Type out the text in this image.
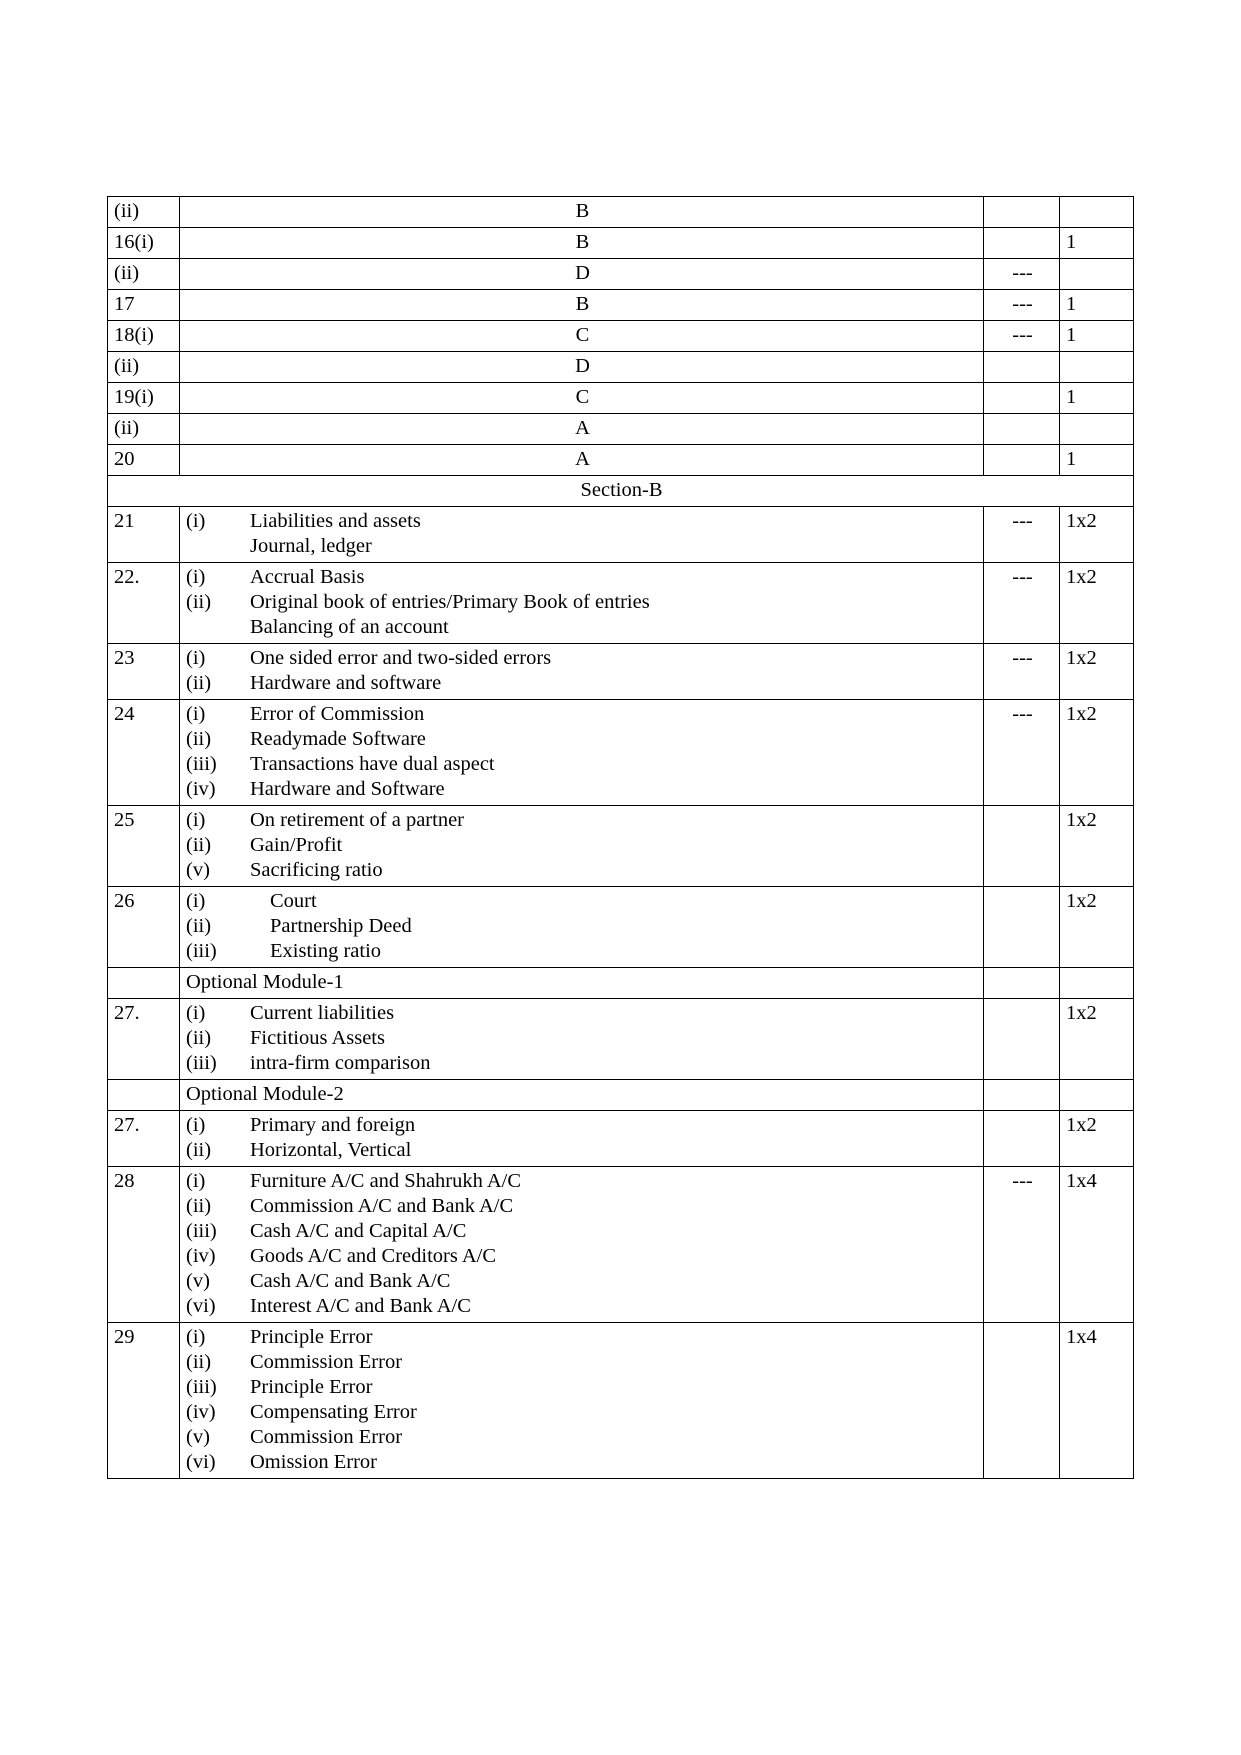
(ii)	B		
16(i)	B		1
(ii)	D	---	
17	B	---	1
18(i)	C	---	1
(ii)	D		
19(i)	C		1
(ii)	A		
20	A		1
Section-B			
21	(i) Liabilities and assets
Journal, ledger	---	1x2
22.	(i) Accrual Basis
(ii) Original book of entries/Primary Book of entries
Balancing of an account	---	1x2
23	(i) One sided error and two-sided errors
(ii) Hardware and software	---	1x2
24	(i)	Error of Commission
(ii)	Readymade Software
(iii)	Transactions have dual aspect
(iv)	Hardware and Software
	---	1x2
25	(i)	On retirement of a partner
(ii)	Gain/Profit
(v)	Sacrificing ratio
		1x2
26	(i)	Court
(ii)	Partnership Deed
(iii)	Existing ratio
		1x2
	Optional Module-1		
27.	(i)	Current liabilities
(ii)	Fictitious Assets
(iii)	intra-firm comparison
		1x2
	Optional Module-2		
27.	(i) Primary and foreign
(ii) Horizontal, Vertical		1x2
28	(i)	Furniture A/C and Shahrukh A/C
(ii)	Commission A/C and Bank A/C
(iii)	Cash A/C and Capital A/C
(iv)	Goods A/C and Creditors A/C
(v)	Cash A/C and Bank A/C
(vi)	Interest A/C and Bank A/C
	---	1x4
29	(i)	Principle Error
(ii)	Commission Error
(iii)	Principle Error
(iv)	Compensating Error
(v)	Commission Error
(vi)	Omission Error
		1x4
